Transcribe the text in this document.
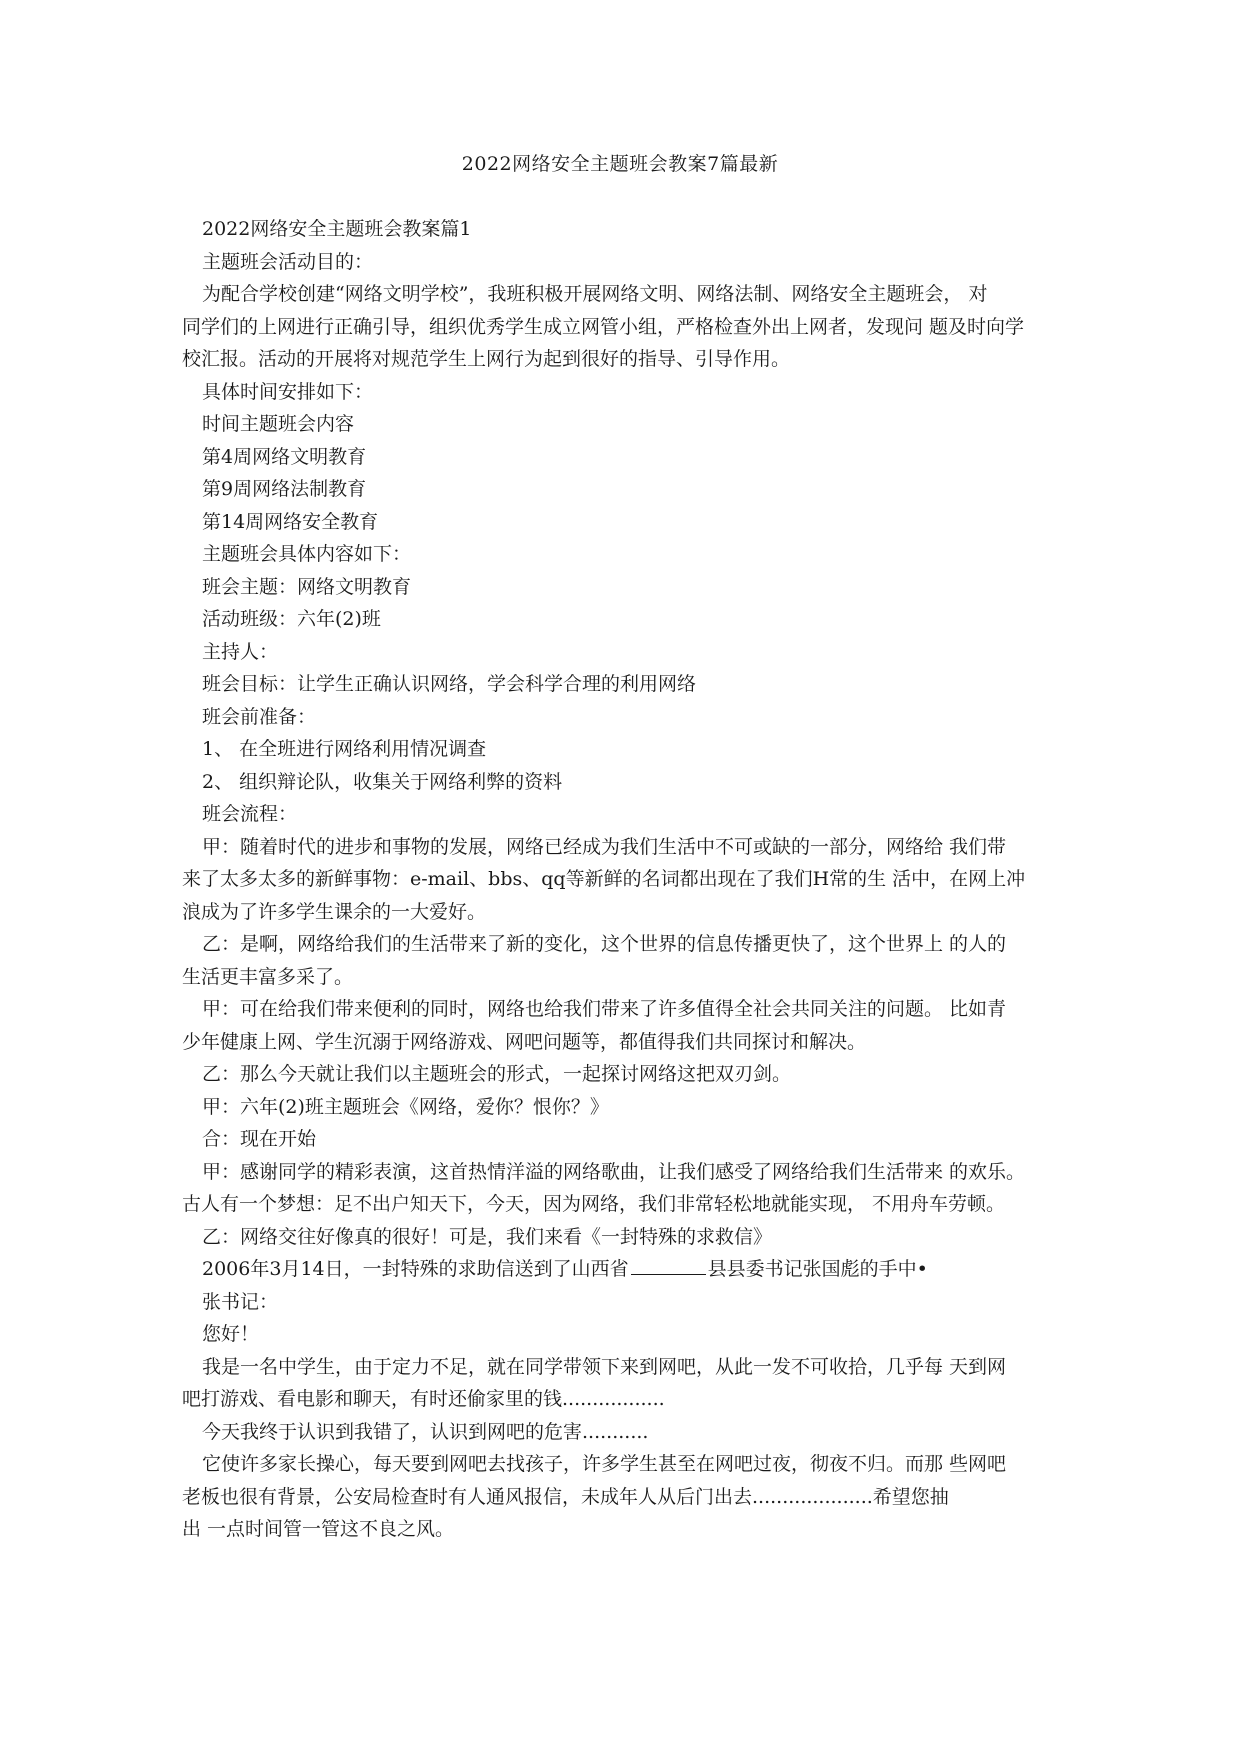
2022网络安全主题班会教案7篇最新
2022网络安全主题班会教案篇1
主题班会活动目的：
为配合学校创建“网络文明学校”，我班积极开展网络文明、网络法制、网络安全主题班会， 对
同学们的上网进行正确引导，组织优秀学生成立网管小组，严格检查外出上网者，发现问 题及时向学
校汇报。活动的开展将对规范学生上网行为起到很好的指导、引导作用。
具体时间安排如下：
时间主题班会内容
第4周网络文明教育
第9周网络法制教育
第14周网络安全教育
主题班会具体内容如下：
班会主题：网络文明教育
活动班级：六年(2)班
主持人：
班会目标：让学生正确认识网络，学会科学合理的利用网络
班会前准备：
1、 在全班进行网络利用情况调查
2、 组织辩论队，收集关于网络利弊的资料
班会流程：
甲：随着时代的进步和事物的发展，网络已经成为我们生活中不可或缺的一部分，网络给 我们带
来了太多太多的新鲜事物：e-mail、bbs、qq等新鲜的名词都出现在了我们H常的生 活中，在网上冲
浪成为了许多学生课余的一大爱好。
乙：是啊，网络给我们的生活带来了新的变化，这个世界的信息传播更快了，这个世界上 的人的
生活更丰富多采了。
甲：可在给我们带来便利的同时，网络也给我们带来了许多值得全社会共同关注的问题。 比如青
少年健康上网、学生沉溺于网络游戏、网吧问题等，都值得我们共同探讨和解决。
乙：那么今天就让我们以主题班会的形式，一起探讨网络这把双刃剑。
甲：六年(2)班主题班会《网络，爱你？恨你？》
合：现在开始
甲：感谢同学的精彩表演，这首热情洋溢的网络歌曲，让我们感受了网络给我们生活带来 的欢乐。
古人有一个梦想：足不出户知天下，今天，因为网络，我们非常轻松地就能实现， 不用舟车劳顿。
乙：网络交往好像真的很好！可是，我们来看《一封特殊的求救信》
2006年3月14日，一封特殊的求助信送到了山西省	县县委书记张国彪的手中•
张书记：
您好！
我是一名中学生，由于定力不足，就在同学带领下来到网吧，从此一发不可收拾，几乎每 天到网
吧打游戏、看电影和聊天，有时还偷家里的钱.................
今天我终于认识到我错了，认识到网吧的危害...........
它使许多家长操心，每天要到网吧去找孩子，许多学生甚至在网吧过夜，彻夜不归。而那 些网吧
老板也很有背景，公安局检查时有人通风报信，未成年人从后门出去....................希望您抽
出 一点时间管一管这不良之风。
